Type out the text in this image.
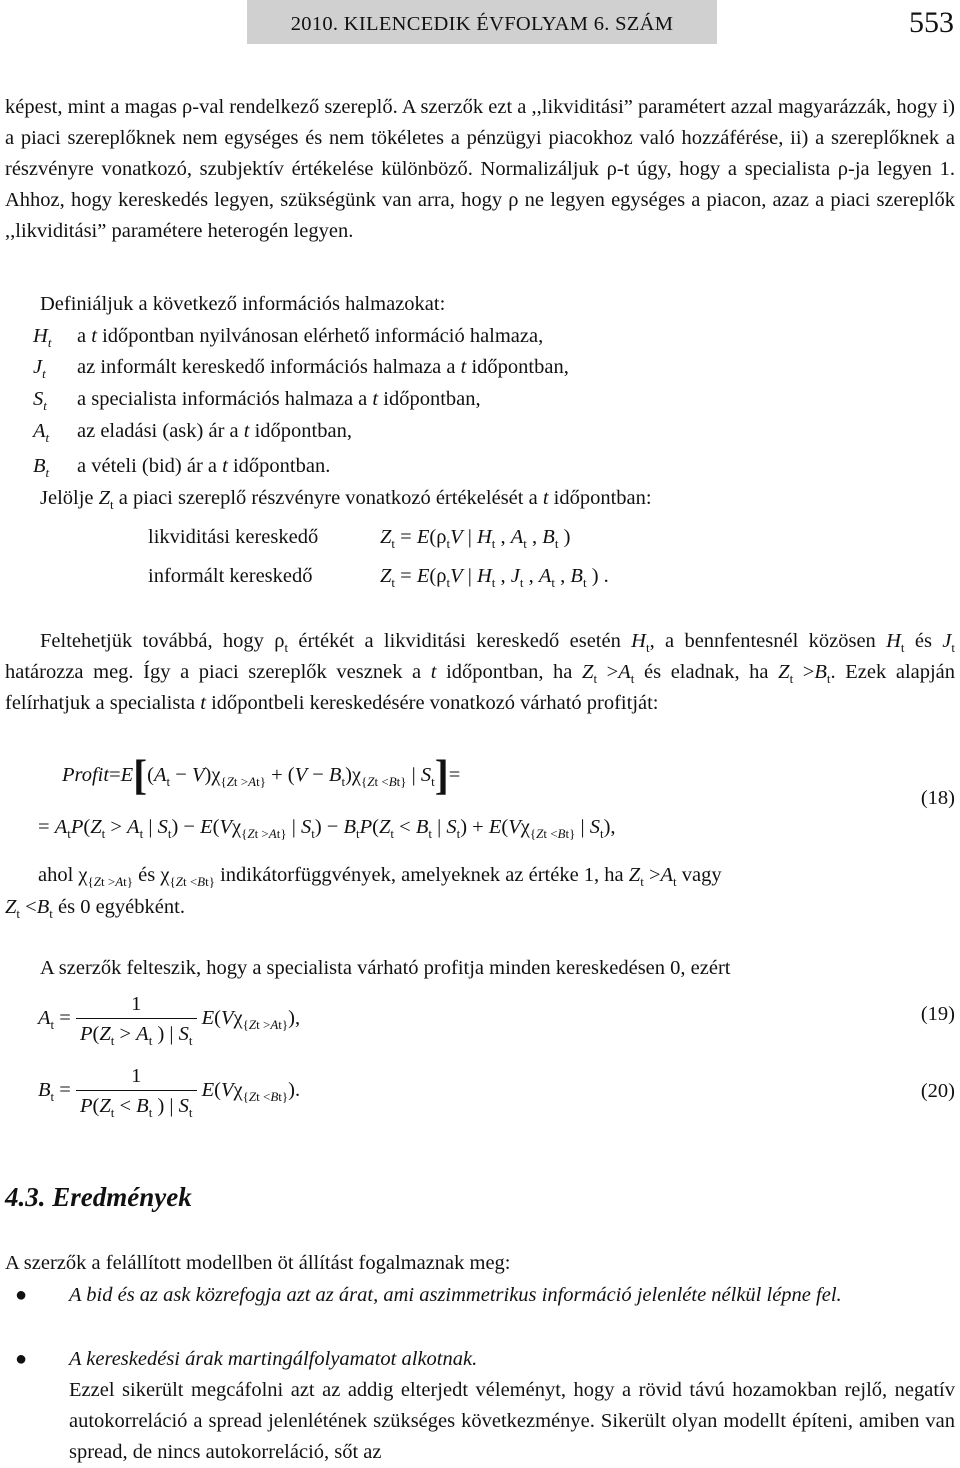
2010. KILENCEDIK ÉVFOLYAM 6. SZÁM	553

képest, mint a magas ρ-val rendelkező szereplő. A szerzők ezt a ,,likviditási” paramétert azzal magyarázzák, hogy i) a piaci szereplőknek nem egységes és nem tökéletes a pénzügyi piacokhoz való hozzáférése, ii) a szereplőknek a részvényre vonatkozó, szubjektív értékelése különböző. Normalizáljuk ρ-t úgy, hogy a specialista ρ-ja legyen 1. Ahhoz, hogy kereskedés legyen, szükségünk van arra, hogy ρ ne legyen egységes a piacon, azaz a piaci szereplők ,,likviditási” paramétere heterogén legyen.

Definiáljuk a következő információs halmazokat:
$H_t$	a t időpontban nyilvánosan elérhető információ halmaza,
$J_t$	az informált kereskedő információs halmaza a t időpontban,
$S_t$	a specialista információs halmaza a t időpontban,
$A_t$	az eladási (ask) ár a t időpontban,
$B_t$	a vételi (bid) ár a t időpontban.
Jelölje $Z_t$ a piaci szereplő részvényre vonatkozó értékelését a t időpontban:
likviditási kereskedő	$Z_t = E(\rho_tV$ | $H_t$ , $A_t$ , $B_t$ )
informált kereskedő	$Z_t = E(\rho_tV$ | $H_t$ , $J_t$ , $A_t$ , $B_t$ ) .
Feltehetjük továbbá, hogy $\rho_t$ értékét a likviditási kereskedő esetén $H_t$, a bennfentesnél közösen $H_t$ és $J_t$ határozza meg. Így a piaci szereplők vesznek a t időpontban, ha $Z_t >A_t$ és eladnak, ha $Z_t >B_t$. Ezek alapján felírhatjuk a specialista t időpontbeli kereskedésére vonatkozó várható profitját:
$Profit=E[(A_t - V)\chi_{\{Zt >At\}} + (V - B_t)\chi_{\{Zt <Bt\}}$ | $S_t]=$
(18)
= $A_tP(Z_t > A_t$ | $S_t) - E(V\chi_{\{Zt >At\}}$ | $S_t) - B_tP(Z_t < B_t$ | $S_t) + E(V\chi_{\{Zt <Bt\}}$ | $S_t$),
ahol $\chi_{\{Zt >At\}}$ és $\chi_{\{Zt <Bt\}}$ indikátorfüggvények, amelyeknek az értéke 1, ha $Z_t >A_t$ vagy
$Z_t <B_t$ és 0 egyébként.
A szerzők felteszik, hogy a specialista várható profitja minden kereskedésen 0, ezért
$A_t = \frac{1}{P(Z_t > A_t ) | S_t} E(V\chi_{\{Zt >At\}})$,	(19)
$B_t = \frac{1}{P(Z_t < B_t ) | S_t} E(V\chi_{\{Zt <Bt\}})$.	(20)
4.3. Eredmények
A szerzők a felállított modellben öt állítást fogalmaznak meg:
● A bid és az ask közrefogja azt az árat, ami aszimmetrikus információ jelenléte nélkül lépne fel.
● A kereskedési árak martingálfolyamatot alkotnak.
Ezzel sikerült megcáfolni azt az addig elterjedt véleményt, hogy a rövid távú hozamokban rejlő, negatív autokorreláció a spread jelenlétének szükséges következménye. Sikerült olyan modellt építeni, amiben van spread, de nincs autokorreláció, sőt az
